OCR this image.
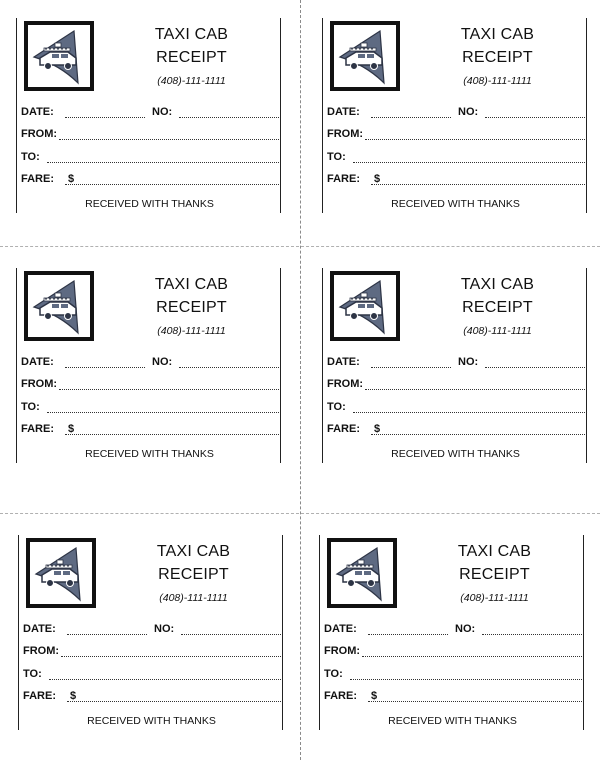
TAXI CAB
RECEIPT
(408)-111-1111
DATE:	NO:
FROM:
TO:
FARE: $
RECEIVED WITH THANKS
TAXI CAB
RECEIPT
(408)-111-1111
DATE:	NO:
FROM:
TO:
FARE: $
RECEIVED WITH THANKS
TAXI CAB
RECEIPT
(408)-111-1111
DATE:	NO:
FROM:
TO:
FARE: $
RECEIVED WITH THANKS
TAXI CAB
RECEIPT
(408)-111-1111
DATE:	NO:
FROM:
TO:
FARE: $
RECEIVED WITH THANKS
TAXI CAB
RECEIPT
(408)-111-1111
DATE:	NO:
FROM:
TO:
FARE: $
RECEIVED WITH THANKS
TAXI CAB
RECEIPT
(408)-111-1111
DATE:	NO:
FROM:
TO:
FARE: $
RECEIVED WITH THANKS
